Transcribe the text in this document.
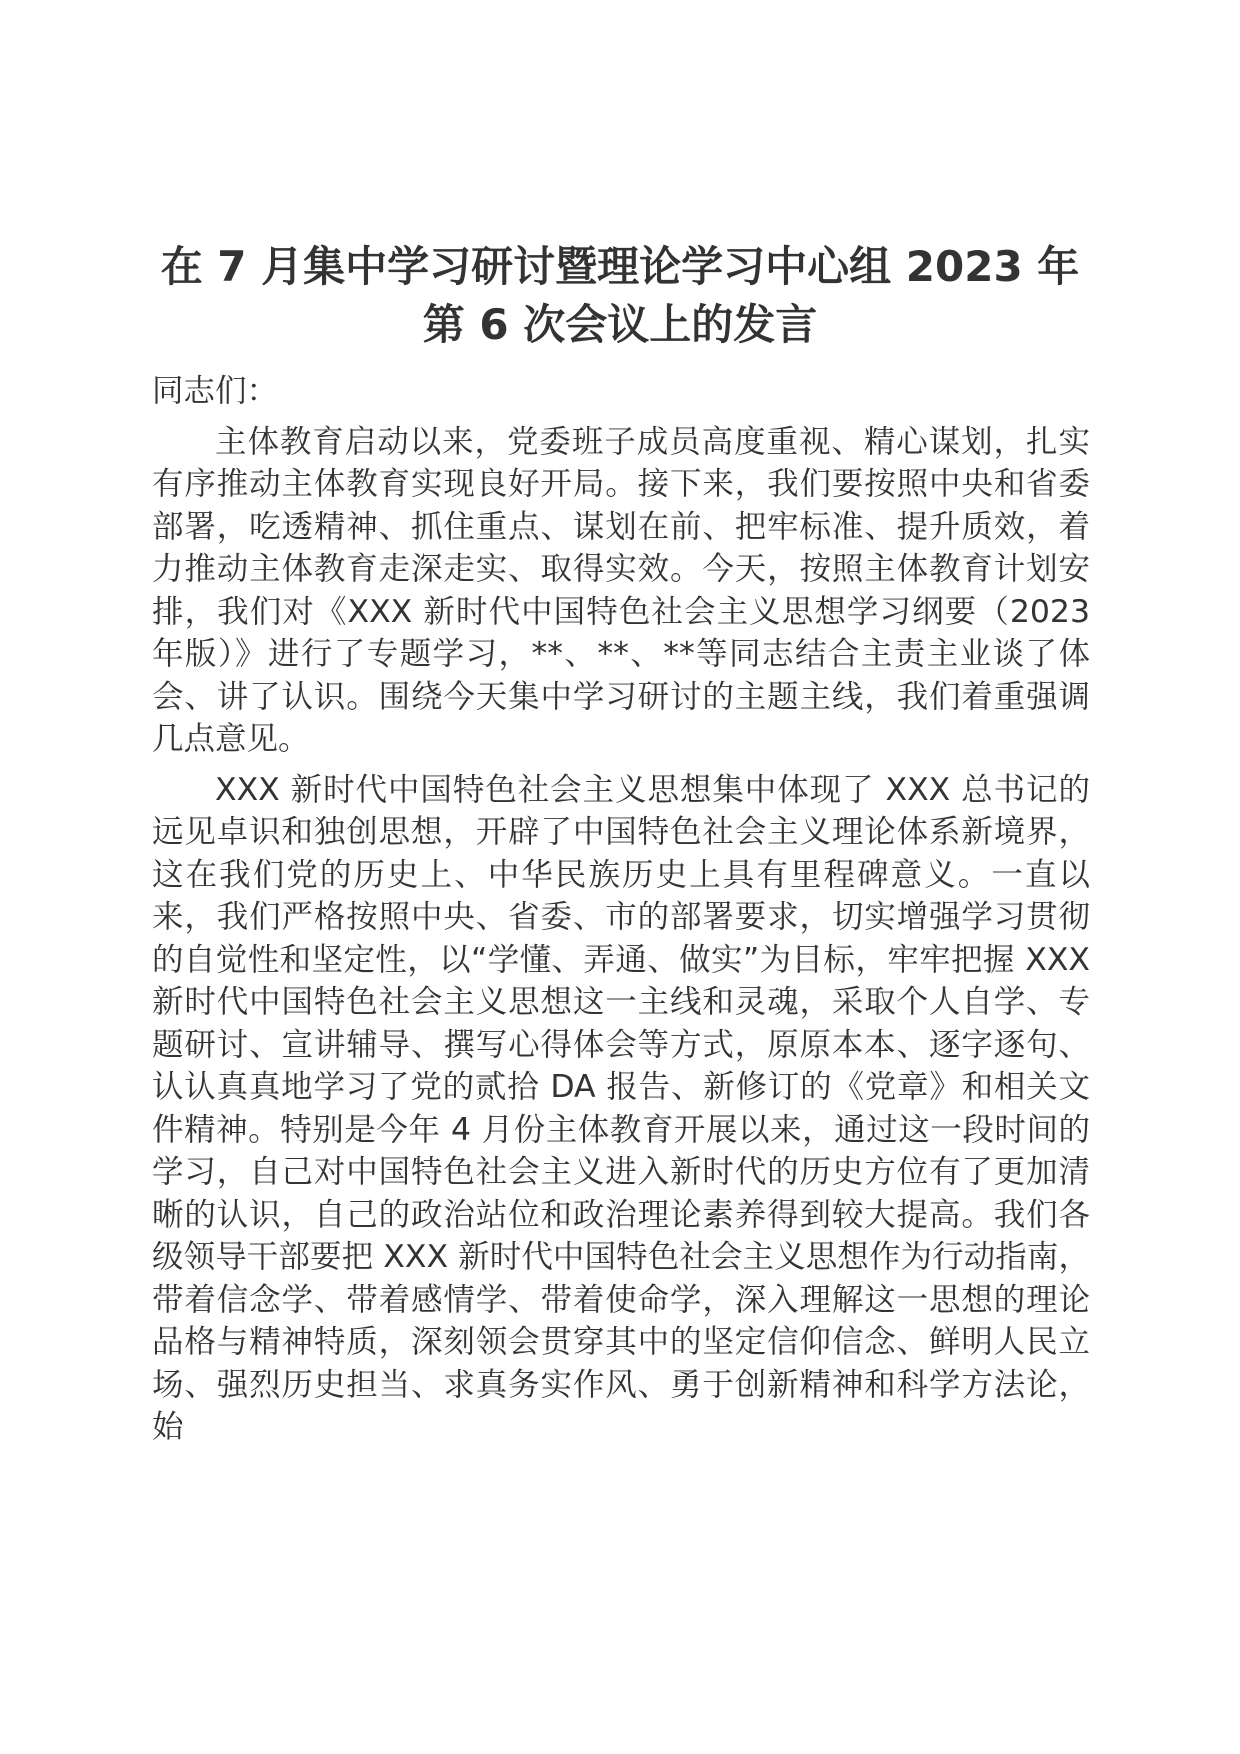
在 7 月集中学习研讨暨理论学习中心组 2023 年第 6 次会议上的发言

同志们：

主体教育启动以来，党委班子成员高度重视、精心谋划，扎实有序推动主体教育实现良好开局。接下来，我们要按照中央和省委部署，吃透精神、抓住重点、谋划在前、把牢标准、提升质效，着力推动主体教育走深走实、取得实效。今天，按照主体教育计划安排，我们对《XXX 新时代中国特色社会主义思想学习纲要（2023 年版）》进行了专题学习，**、**、**等同志结合主责主业谈了体会、讲了认识。围绕今天集中学习研讨的主题主线，我们着重强调几点意见。

XXX 新时代中国特色社会主义思想集中体现了 XXX 总书记的远见卓识和独创思想，开辟了中国特色社会主义理论体系新境界，这在我们党的历史上、中华民族历史上具有里程碑意义。一直以来，我们严格按照中央、省委、市的部署要求，切实增强学习贯彻的自觉性和坚定性，以“学懂、弄通、做实”为目标，牢牢把握 XXX 新时代中国特色社会主义思想这一主线和灵魂，采取个人自学、专题研讨、宣讲辅导、撰写心得体会等方式，原原本本、逐字逐句、认认真真地学习了党的贰拾 DA 报告、新修订的《党章》和相关文件精神。特别是今年 4 月份主体教育开展以来，通过这一段时间的学习，自己对中国特色社会主义进入新时代的历史方位有了更加清晰的认识，自己的政治站位和政治理论素养得到较大提高。我们各级领导干部要把 XXX 新时代中国特色社会主义思想作为行动指南，带着信念学、带着感情学、带着使命学，深入理解这一思想的理论品格与精神特质，深刻领会贯穿其中的坚定信仰信念、鲜明人民立场、强烈历史担当、求真务实作风、勇于创新精神和科学方法论，始
